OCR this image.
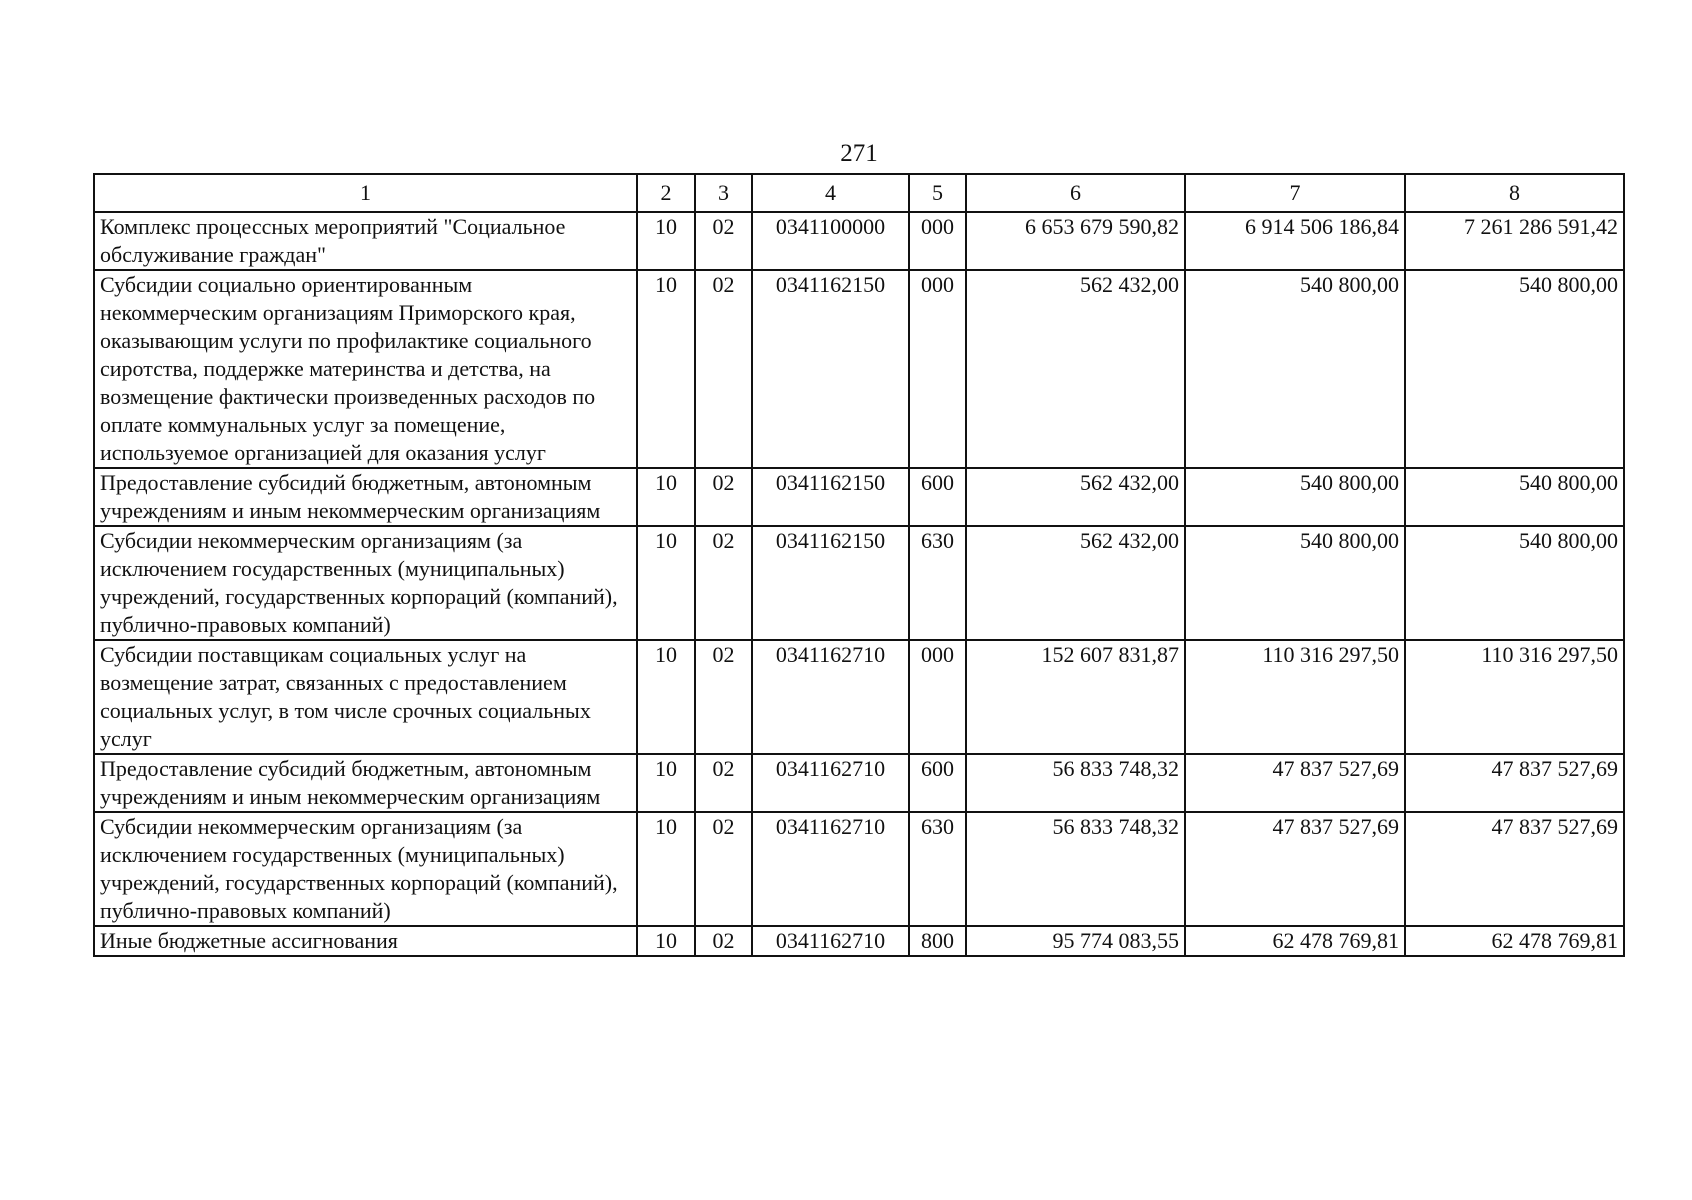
271
1	2	3	4	5	6	7	8
Комплекс процессных мероприятий "Социальное обслуживание граждан"	10	02	0341100000	000	6 653 679 590,82	6 914 506 186,84	7 261 286 591,42
Субсидии социально ориентированным некоммерческим организациям Приморского края, оказывающим услуги по профилактике социального сиротства, поддержке материнства и детства, на возмещение фактически произведенных расходов по оплате коммунальных услуг за помещение, используемое организацией для оказания услуг	10	02	0341162150	000	562 432,00	540 800,00	540 800,00
Предоставление субсидий бюджетным, автономным учреждениям и иным некоммерческим организациям	10	02	0341162150	600	562 432,00	540 800,00	540 800,00
Субсидии некоммерческим организациям (за исключением государственных (муниципальных) учреждений, государственных корпораций (компаний), публично-правовых компаний)	10	02	0341162150	630	562 432,00	540 800,00	540 800,00
Субсидии поставщикам социальных услуг на возмещение затрат, связанных с предоставлением социальных услуг, в том числе срочных социальных услуг	10	02	0341162710	000	152 607 831,87	110 316 297,50	110 316 297,50
Предоставление субсидий бюджетным, автономным учреждениям и иным некоммерческим организациям	10	02	0341162710	600	56 833 748,32	47 837 527,69	47 837 527,69
Субсидии некоммерческим организациям (за исключением государственных (муниципальных) учреждений, государственных корпораций (компаний), публично-правовых компаний)	10	02	0341162710	630	56 833 748,32	47 837 527,69	47 837 527,69
Иные бюджетные ассигнования	10	02	0341162710	800	95 774 083,55	62 478 769,81	62 478 769,81
